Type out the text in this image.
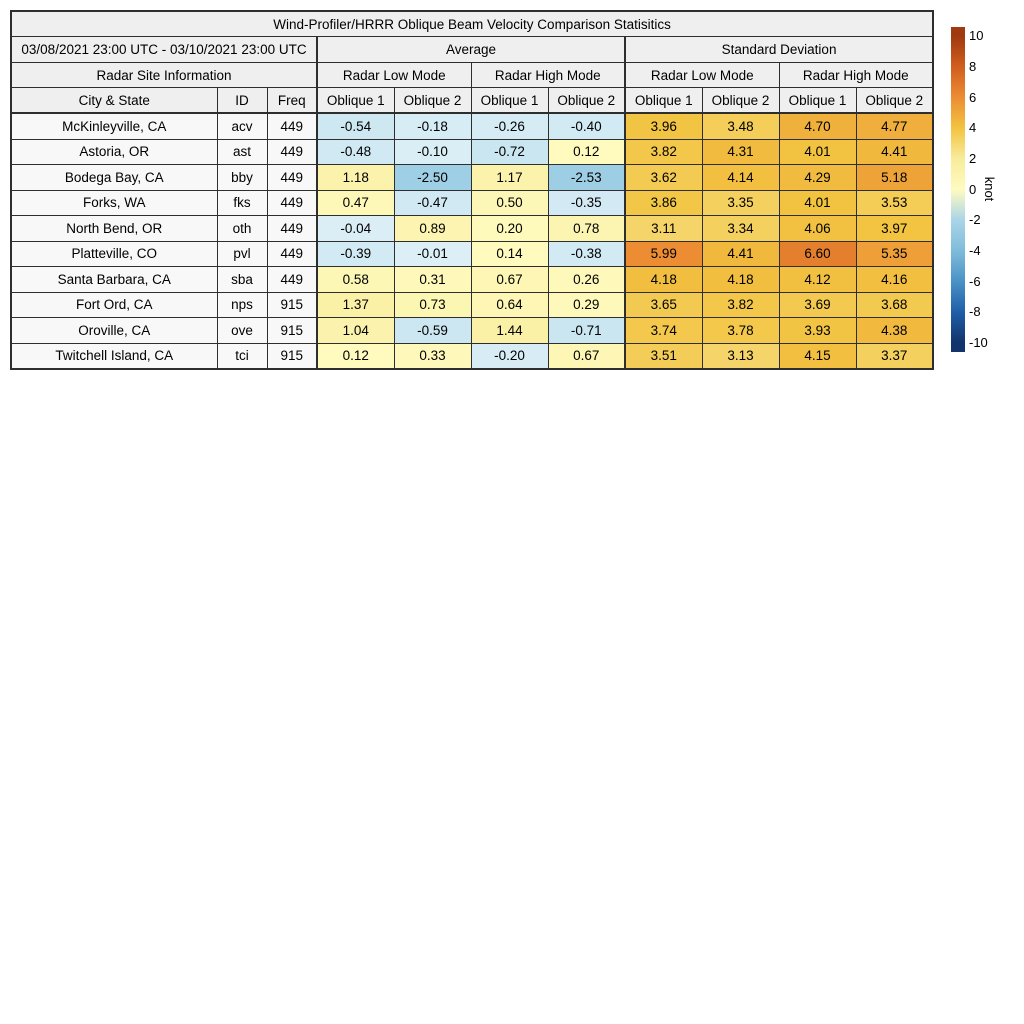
Wind-Profiler/HRRR Oblique Beam Velocity Comparison Statisitics										
03/08/2021 23:00 UTC - 03/10/2021 23:00 UTC			Average				Standard Deviation			
Radar Site Information			Radar Low Mode		Radar High Mode		Radar Low Mode		Radar High Mode	
City & State	ID	Freq	Oblique 1	Oblique 2	Oblique 1	Oblique 2	Oblique 1	Oblique 2	Oblique 1	Oblique 2
McKinleyville, CA	acv	449	-0.54	-0.18	-0.26	-0.40	3.96	3.48	4.70	4.77
Astoria, OR	ast	449	-0.48	-0.10	-0.72	0.12	3.82	4.31	4.01	4.41
Bodega Bay, CA	bby	449	1.18	-2.50	1.17	-2.53	3.62	4.14	4.29	5.18
Forks, WA	fks	449	0.47	-0.47	0.50	-0.35	3.86	3.35	4.01	3.53
North Bend, OR	oth	449	-0.04	0.89	0.20	0.78	3.11	3.34	4.06	3.97
Platteville, CO	pvl	449	-0.39	-0.01	0.14	-0.38	5.99	4.41	6.60	5.35
Santa Barbara, CA	sba	449	0.58	0.31	0.67	0.26	4.18	4.18	4.12	4.16
Fort Ord, CA	nps	915	1.37	0.73	0.64	0.29	3.65	3.82	3.69	3.68
Oroville, CA	ove	915	1.04	-0.59	1.44	-0.71	3.74	3.78	3.93	4.38
Twitchell Island, CA	tci	915	0.12	0.33	-0.20	0.67	3.51	3.13	4.15	3.37
10
8
6
4
2
0
-2
-4
-6
-8
-10
knot
